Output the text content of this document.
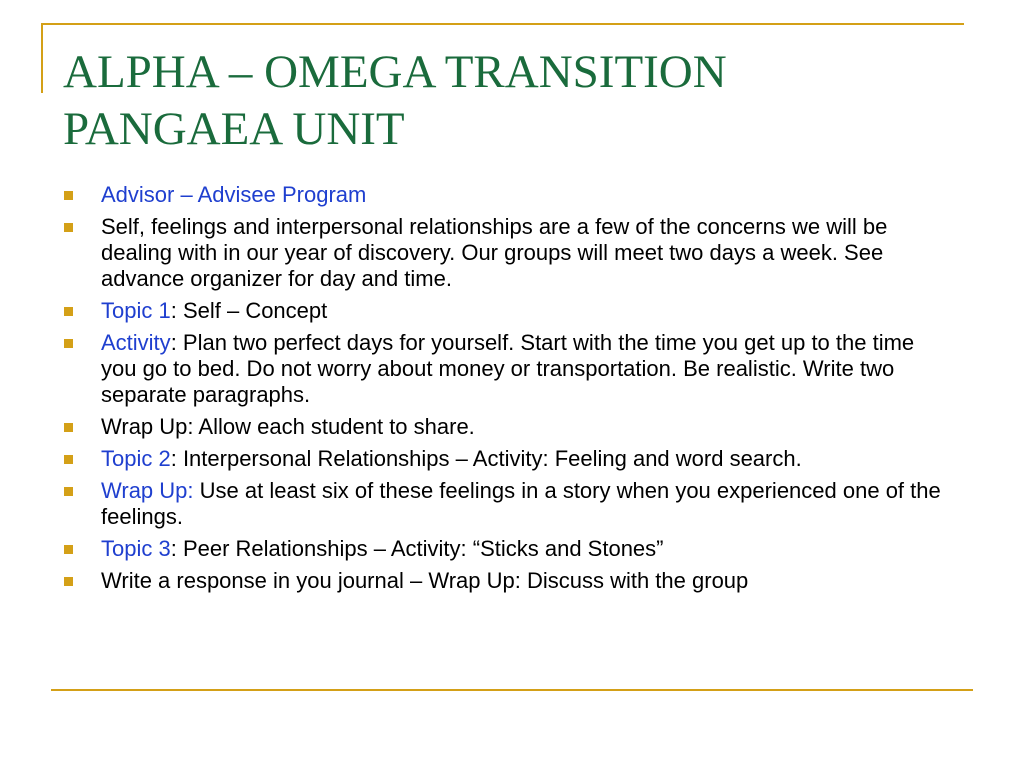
ALPHA – OMEGA TRANSITION
PANGAEA UNIT
Advisor – Advisee Program
Self, feelings and interpersonal relationships are a few of the concerns we will be dealing with in our year of discovery. Our groups will meet two days a week. See advance organizer for day and time.
Topic 1: Self – Concept
Activity: Plan two perfect days for yourself. Start with the time you get up to the time you go to bed. Do not worry about money or transportation. Be realistic. Write two separate paragraphs.
Wrap Up: Allow each student to share.
Topic 2: Interpersonal Relationships – Activity: Feeling and word search.
Wrap Up: Use at least six of these feelings in a story when you experienced one of the feelings.
Topic 3: Peer Relationships – Activity: “Sticks and Stones”
Write a response in you journal – Wrap Up: Discuss with the group
